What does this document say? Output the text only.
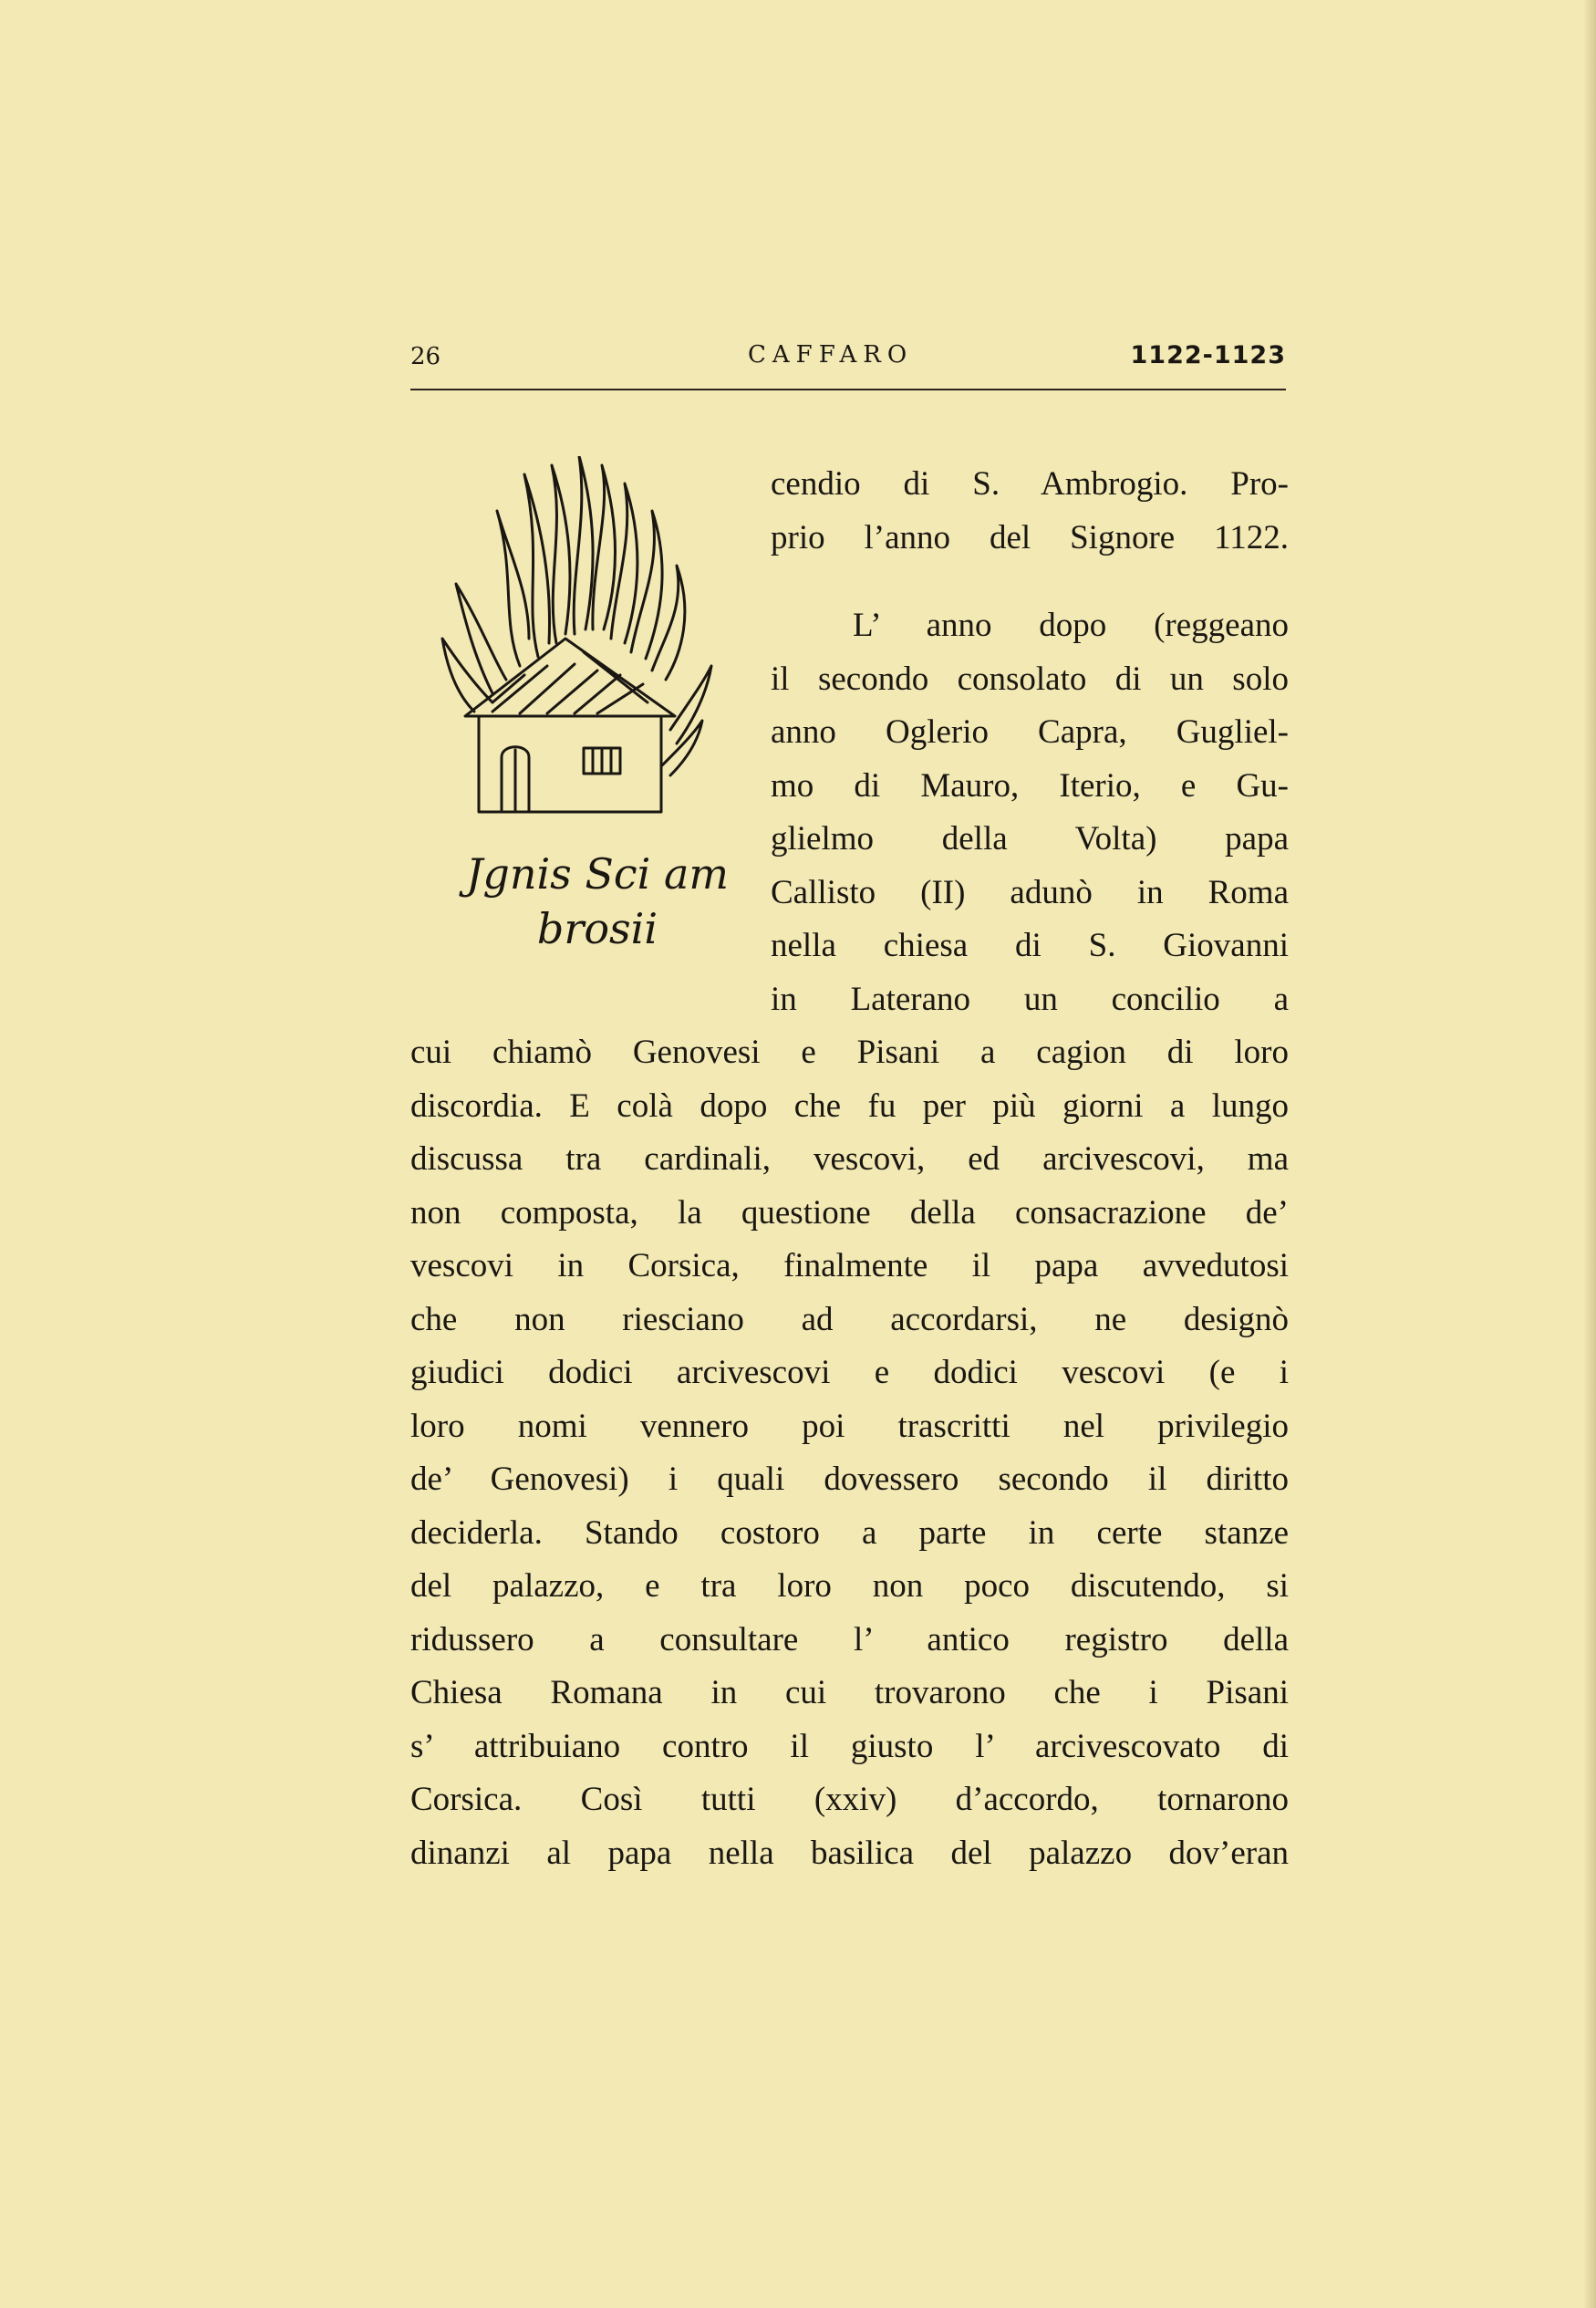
26	CAFFARO	1122-1123
Jgnis Sci am
brosii
cendio di S. Ambrogio. Pro-
prio l’anno del Signore 1122.
L’ anno dopo (reggeano
il secondo consolato di un solo
anno Oglerio Capra, Gugliel-
mo di Mauro, Iterio, e Gu-
glielmo della Volta) papa
Callisto (II) adunò in Roma
nella chiesa di S. Giovanni
in Laterano un concilio a
cui chiamò Genovesi e Pisani a cagion di loro
discordia. E colà dopo che fu per più giorni a lungo
discussa tra cardinali, vescovi, ed arcivescovi, ma
non composta, la questione della consacrazione de’
vescovi in Corsica, finalmente il papa avvedutosi
che non riesciano ad accordarsi, ne designò
giudici dodici arcivescovi e dodici vescovi (e i
loro nomi vennero poi trascritti nel privilegio
de’ Genovesi) i quali dovessero secondo il diritto
deciderla. Stando costoro a parte in certe stanze
del palazzo, e tra loro non poco discutendo, si
ridussero a consultare l’ antico registro della
Chiesa Romana in cui trovarono che i Pisani
s’ attribuiano contro il giusto l’ arcivescovato di
Corsica. Così tutti (xxiv) d’accordo, tornarono
dinanzi al papa nella basilica del palazzo dov’eran
